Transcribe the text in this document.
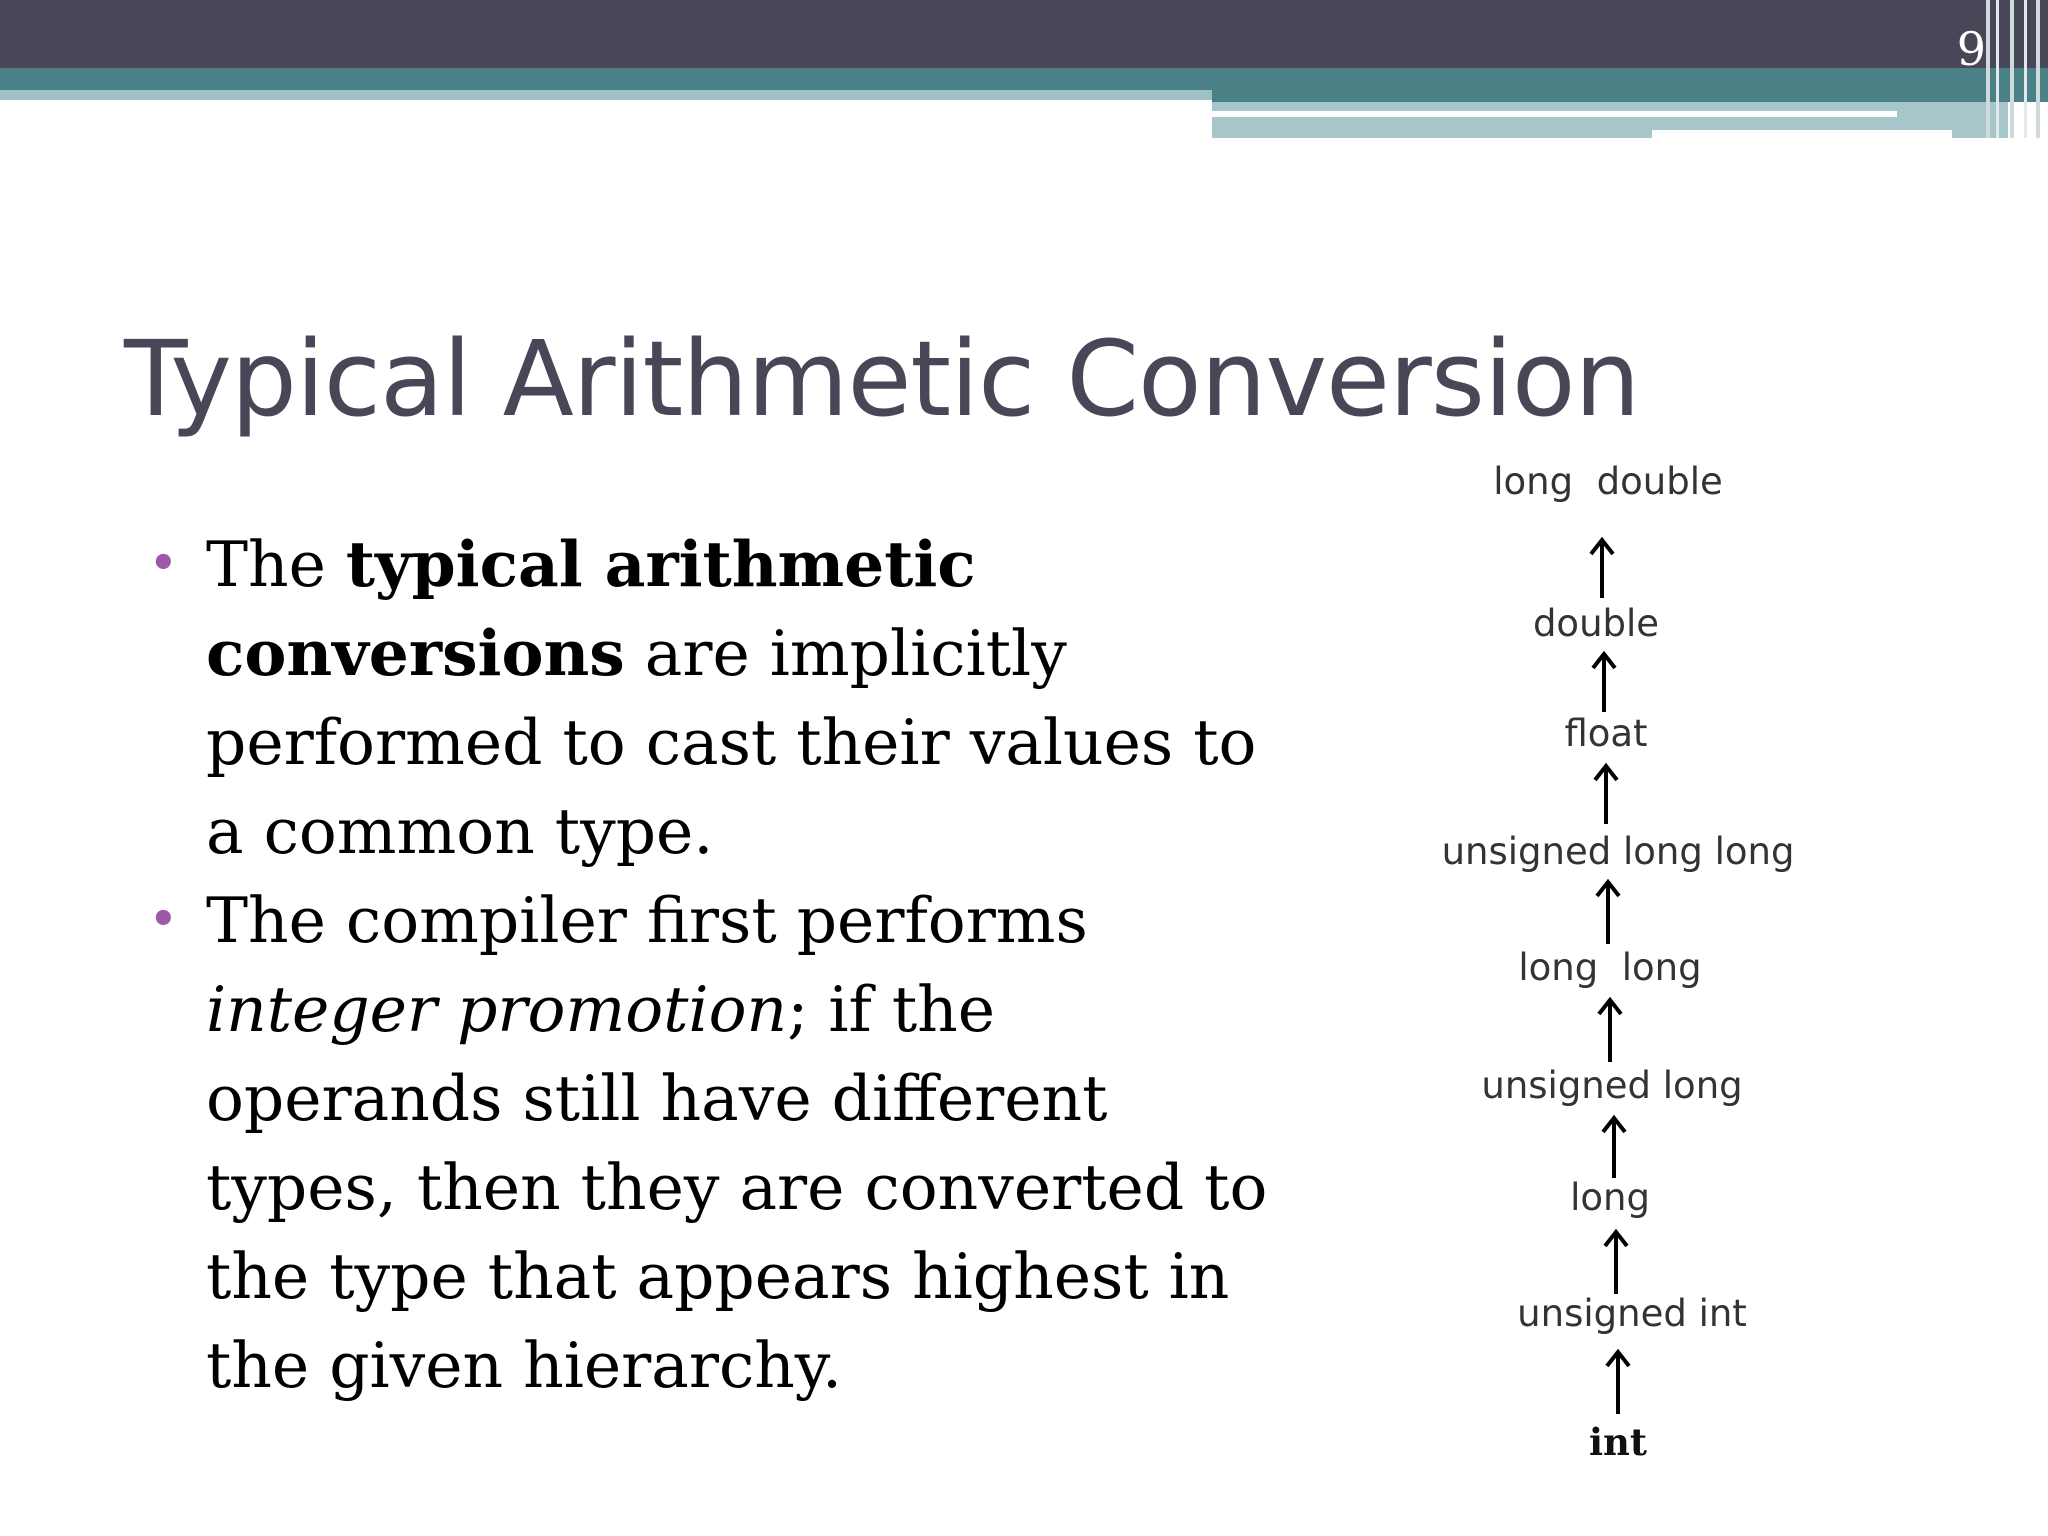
9
Typical Arithmetic Conversion
• The typical arithmetic conversions are implicitly performed to cast their values to a common type.
• The compiler first performs integer promotion; if the operands still have different types, then they are converted to the type that appears highest in the given hierarchy.
long  double
double
float
unsigned long long
long  long
unsigned long
long
unsigned int
int
